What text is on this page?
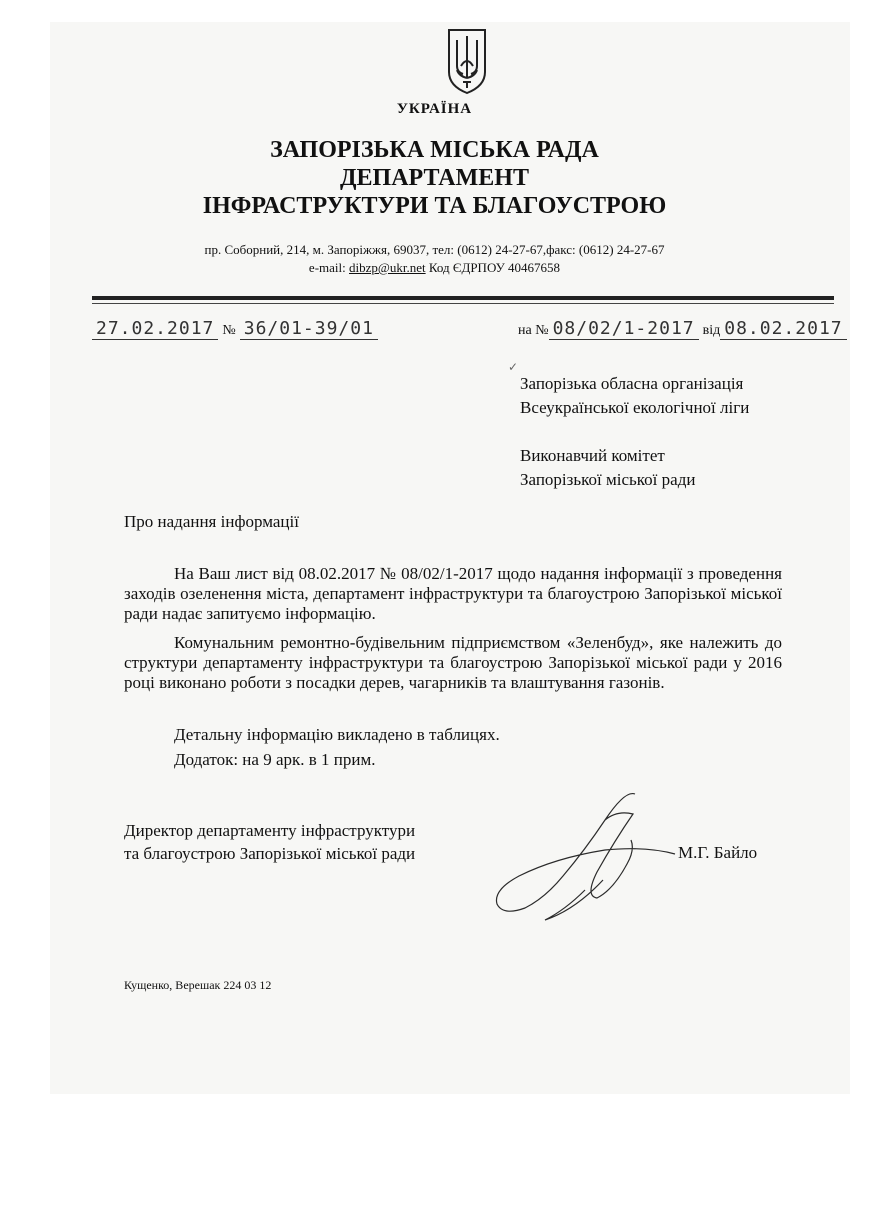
УКРАЇНА
ЗАПОРІЗЬКА МІСЬКА РАДА
ДЕПАРТАМЕНТ
ІНФРАСТРУКТУРИ ТА БЛАГОУСТРОЮ
пр. Соборний, 214, м. Запоріжжя, 69037, тел: (0612) 24-27-67,факс: (0612) 24-27-67
e-mail: dibzp@ukr.net Код ЄДРПОУ 40467658
27.02.2017 № 36/01-39/01	на № 08/02/1-2017 від 08.02.2017
✓
Запорізька обласна організація
Всеукраїнської екологічної ліги
Виконавчий комітет
Запорізької міської ради
Про надання інформації

На Ваш лист від 08.02.2017 № 08/02/1-2017 щодо надання інформації з проведення заходів озеленення міста, департамент інфраструктури та благоустрою Запорізької міської ради надає запитуємо інформацію.

Комунальним ремонтно-будівельним підприємством «Зеленбуд», яке належить до структури департаменту інфраструктури та благоустрою Запорізької міської ради у 2016 році виконано роботи з посадки дерев, чагарників та влаштування газонів.

Детальну інформацію викладено в таблицях.

Додаток: на 9 арк. в 1 прим.

Директор департаменту інфраструктури
та благоустрою Запорізької міської ради	М.Г. Байло
Кущенко, Верешак 224 03 12
